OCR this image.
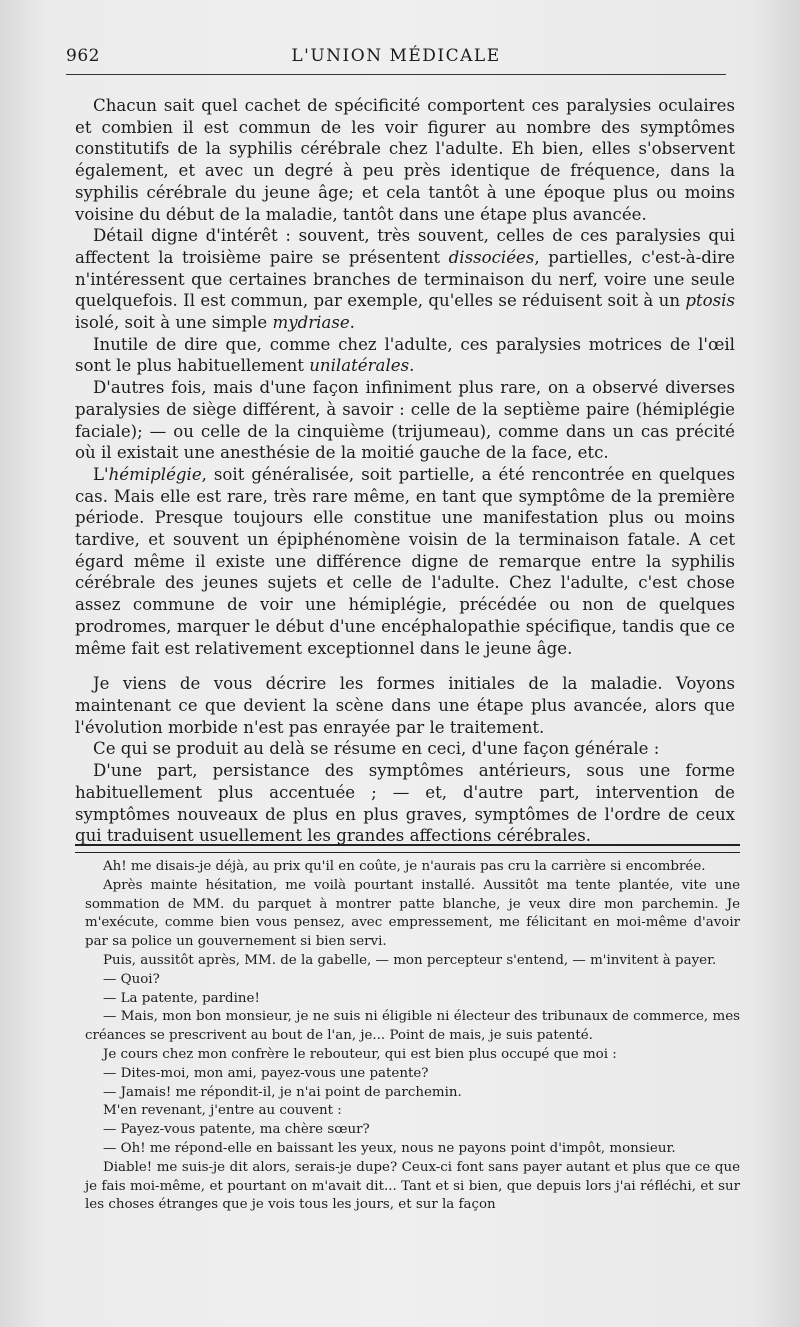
962	L'UNION MÉDICALE

Chacun sait quel cachet de spécificité comportent ces paralysies oculaires et combien il est commun de les voir figurer au nombre des symptômes constitutifs de la syphilis cérébrale chez l'adulte. Eh bien, elles s'observent également, et avec un degré à peu près identique de fréquence, dans la syphilis cérébrale du jeune âge; et cela tantôt à une époque plus ou moins voisine du début de la maladie, tantôt dans une étape plus avancée.

Détail digne d'intérêt : souvent, très souvent, celles de ces paralysies qui affectent la troisième paire se présentent dissociées, partielles, c'est-à-dire n'intéressent que certaines branches de terminaison du nerf, voire une seule quelquefois. Il est commun, par exemple, qu'elles se réduisent soit à un ptosis isolé, soit à une simple mydriase.

Inutile de dire que, comme chez l'adulte, ces paralysies motrices de l'œil sont le plus habituellement unilatérales.

D'autres fois, mais d'une façon infiniment plus rare, on a observé diverses paralysies de siège différent, à savoir : celle de la septième paire (hémiplégie faciale); — ou celle de la cinquième (trijumeau), comme dans un cas précité où il existait une anesthésie de la moitié gauche de la face, etc.

L'hémiplégie, soit généralisée, soit partielle, a été rencontrée en quelques cas. Mais elle est rare, très rare même, en tant que symptôme de la première période. Presque toujours elle constitue une manifestation plus ou moins tardive, et souvent un épiphénomène voisin de la terminaison fatale. A cet égard même il existe une différence digne de remarque entre la syphilis cérébrale des jeunes sujets et celle de l'adulte. Chez l'adulte, c'est chose assez commune de voir une hémiplégie, précédée ou non de quelques prodromes, marquer le début d'une encéphalopathie spécifique, tandis que ce même fait est relativement exceptionnel dans le jeune âge.

Je viens de vous décrire les formes initiales de la maladie. Voyons maintenant ce que devient la scène dans une étape plus avancée, alors que l'évolution morbide n'est pas enrayée par le traitement.

Ce qui se produit au delà se résume en ceci, d'une façon générale :

D'une part, persistance des symptômes antérieurs, sous une forme habituellement plus accentuée ; — et, d'autre part, intervention de symptômes nouveaux de plus en plus graves, symptômes de l'ordre de ceux qui traduisent usuellement les grandes affections cérébrales.

Ah! me disais-je déjà, au prix qu'il en coûte, je n'aurais pas cru la carrière si encombrée.

Après mainte hésitation, me voilà pourtant installé. Aussitôt ma tente plantée, vite une sommation de MM. du parquet à montrer patte blanche, je veux dire mon parchemin. Je m'exécute, comme bien vous pensez, avec empressement, me félicitant en moi-même d'avoir par sa police un gouvernement si bien servi.

Puis, aussitôt après, MM. de la gabelle, — mon percepteur s'entend, — m'invitent à payer.

— Quoi?

— La patente, pardine!

— Mais, mon bon monsieur, je ne suis ni éligible ni électeur des tribunaux de commerce, mes créances se prescrivent au bout de l'an, je... Point de mais, je suis patenté.

Je cours chez mon confrère le rebouteur, qui est bien plus occupé que moi :

— Dites-moi, mon ami, payez-vous une patente?

— Jamais! me répondit-il, je n'ai point de parchemin.

M'en revenant, j'entre au couvent :

— Payez-vous patente, ma chère sœur?

— Oh! me répond-elle en baissant les yeux, nous ne payons point d'impôt, monsieur.

Diable! me suis-je dit alors, serais-je dupe? Ceux-ci font sans payer autant et plus que ce que je fais moi-même, et pourtant on m'avait dit... Tant et si bien, que depuis lors j'ai réfléchi, et sur les choses étranges que je vois tous les jours, et sur la façon
